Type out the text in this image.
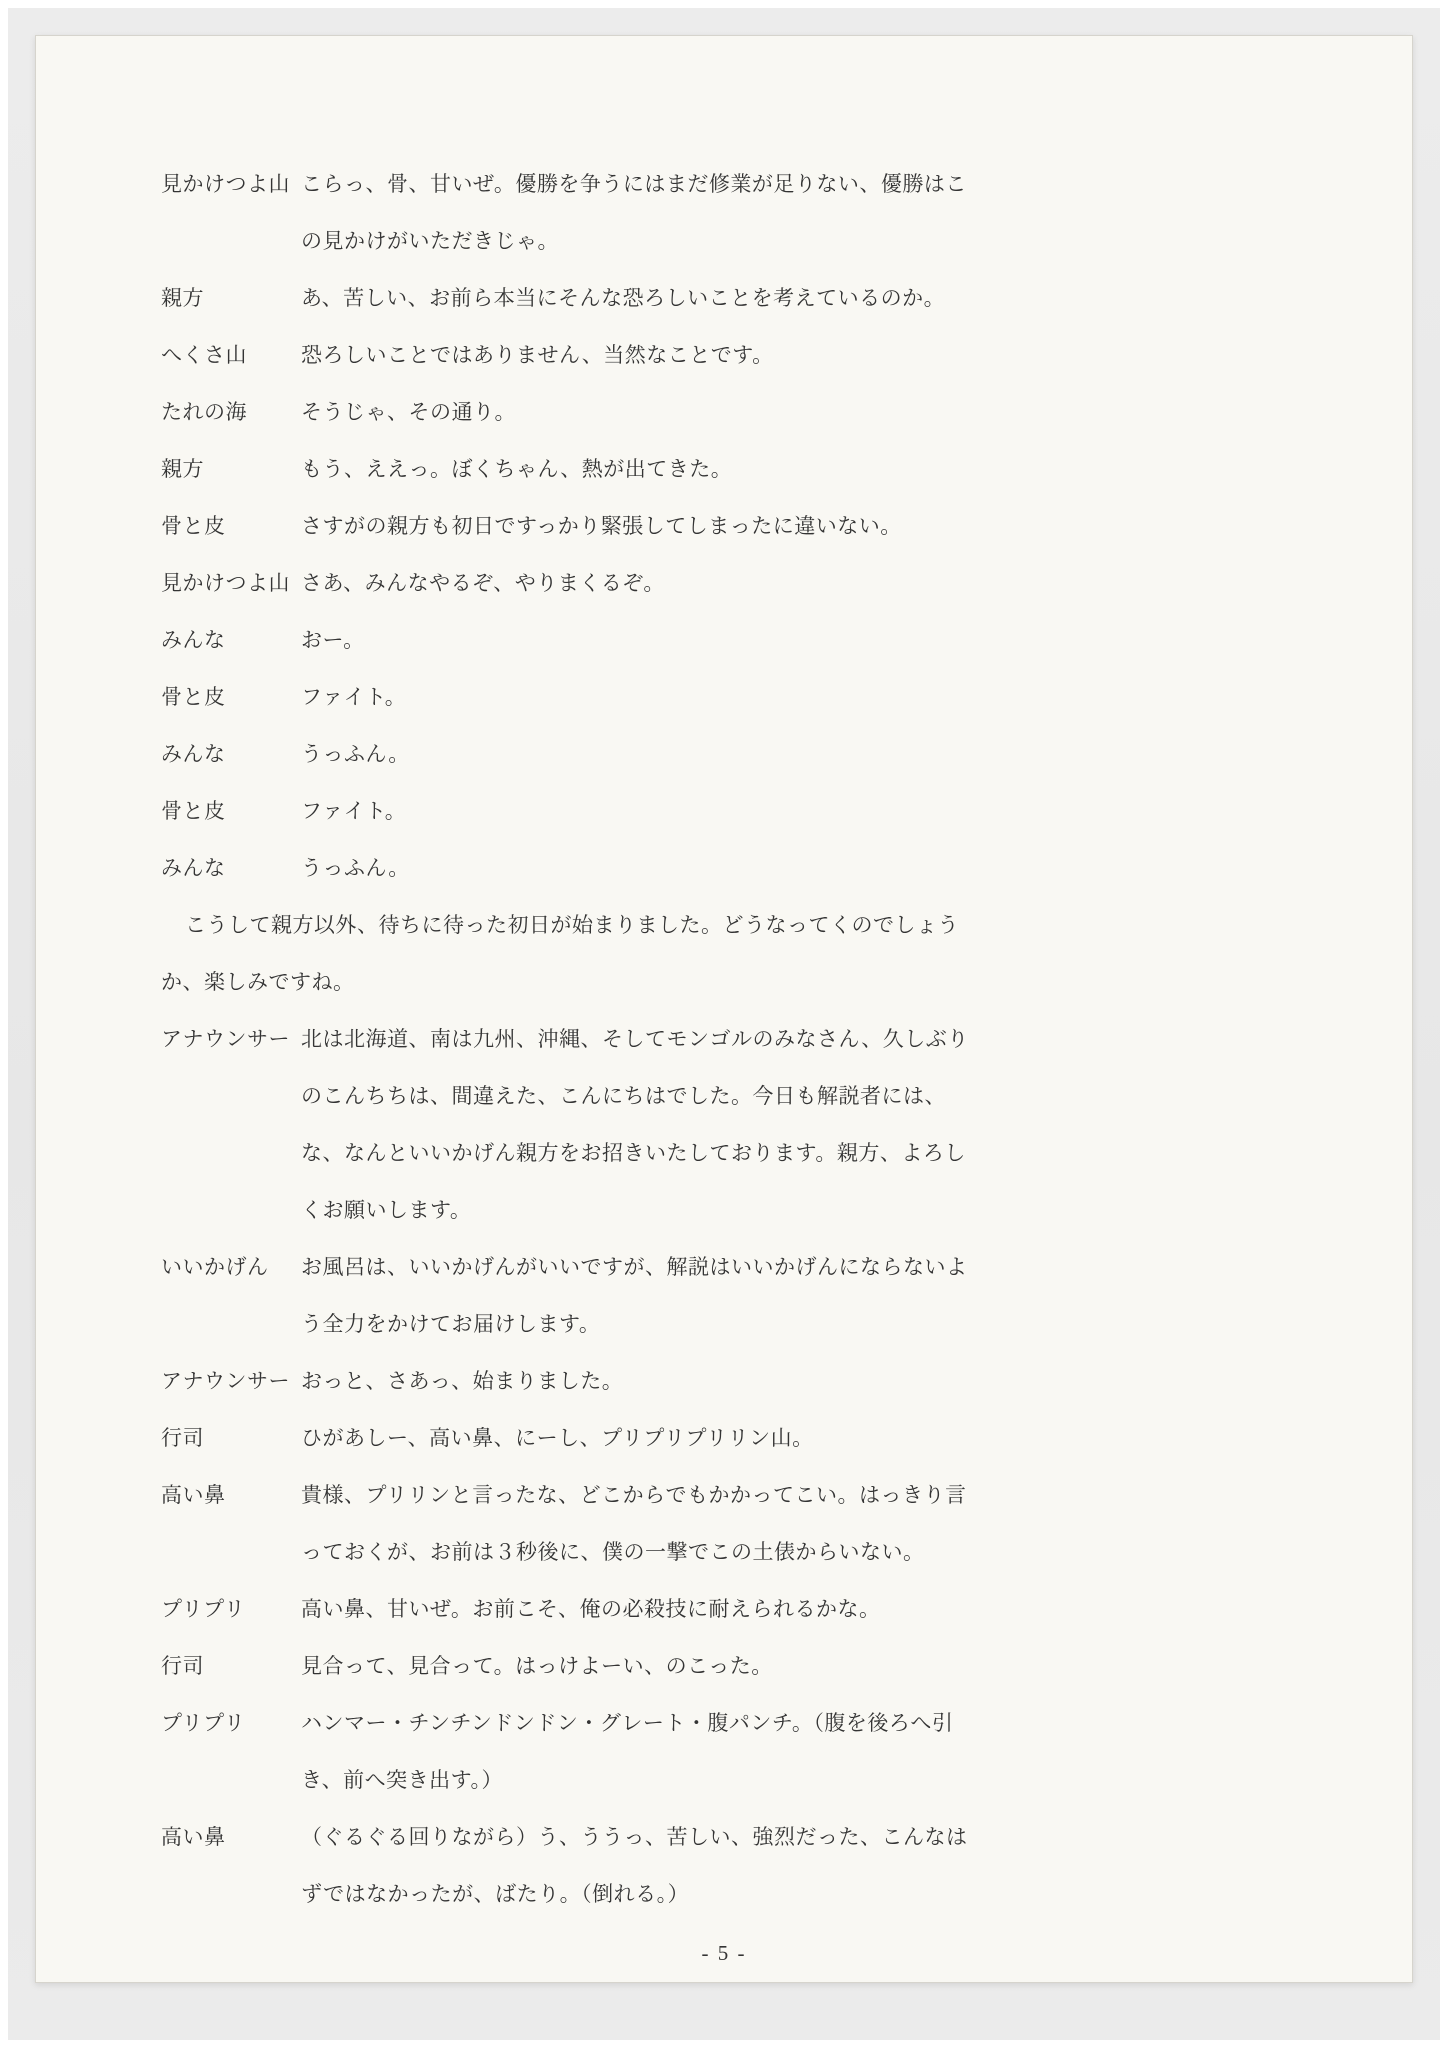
見かけつよ山 こらっ、骨、甘いぜ。優勝を争うにはまだ修業が足りない、優勝はこの見かけがいただきじゃ。
親方	あ、苦しい、お前ら本当にそんな恐ろしいことを考えているのか。
へくさ山	恐ろしいことではありません、当然なことです。
たれの海	そうじゃ、その通り。
親方	もう、ええっ。ぼくちゃん、熱が出てきた。
骨と皮	さすがの親方も初日ですっかり緊張してしまったに違いない。
見かけつよ山 さあ、みんなやるぞ、やりまくるぞ。
みんな	おー。
骨と皮	ファイト。
みんな	うっふん。
骨と皮	ファイト。
みんな	うっふん。
こうして親方以外、待ちに待った初日が始まりました。どうなってくのでしょうか、楽しみですね。
アナウンサー 北は北海道、南は九州、沖縄、そしてモンゴルのみなさん、久しぶりのこんちちは、間違えた、こんにちはでした。今日も解説者には、な、なんといいかげん親方をお招きいたしております。親方、よろしくお願いします。
いいかげん	お風呂は、いいかげんがいいですが、解説はいいかげんにならないよう全力をかけてお届けします。
アナウンサー おっと、さあっ、始まりました。
行司	ひがあしー、高い鼻、にーし、プリプリプリリン山。
高い鼻	貴様、プリリンと言ったな、どこからでもかかってこい。はっきり言っておくが、お前は３秒後に、僕の一撃でこの土俵からいない。
プリプリ	高い鼻、甘いぜ。お前こそ、俺の必殺技に耐えられるかな。
行司	見合って、見合って。はっけよーい、のこった。
プリプリ	ハンマー・チンチンドンドン・グレート・腹パンチ。（腹を後ろへ引き、前へ突き出す。）
高い鼻	（ぐるぐる回りながら）う、ううっ、苦しい、強烈だった、こんなはずではなかったが、ばたり。（倒れる。）
- 5 -
